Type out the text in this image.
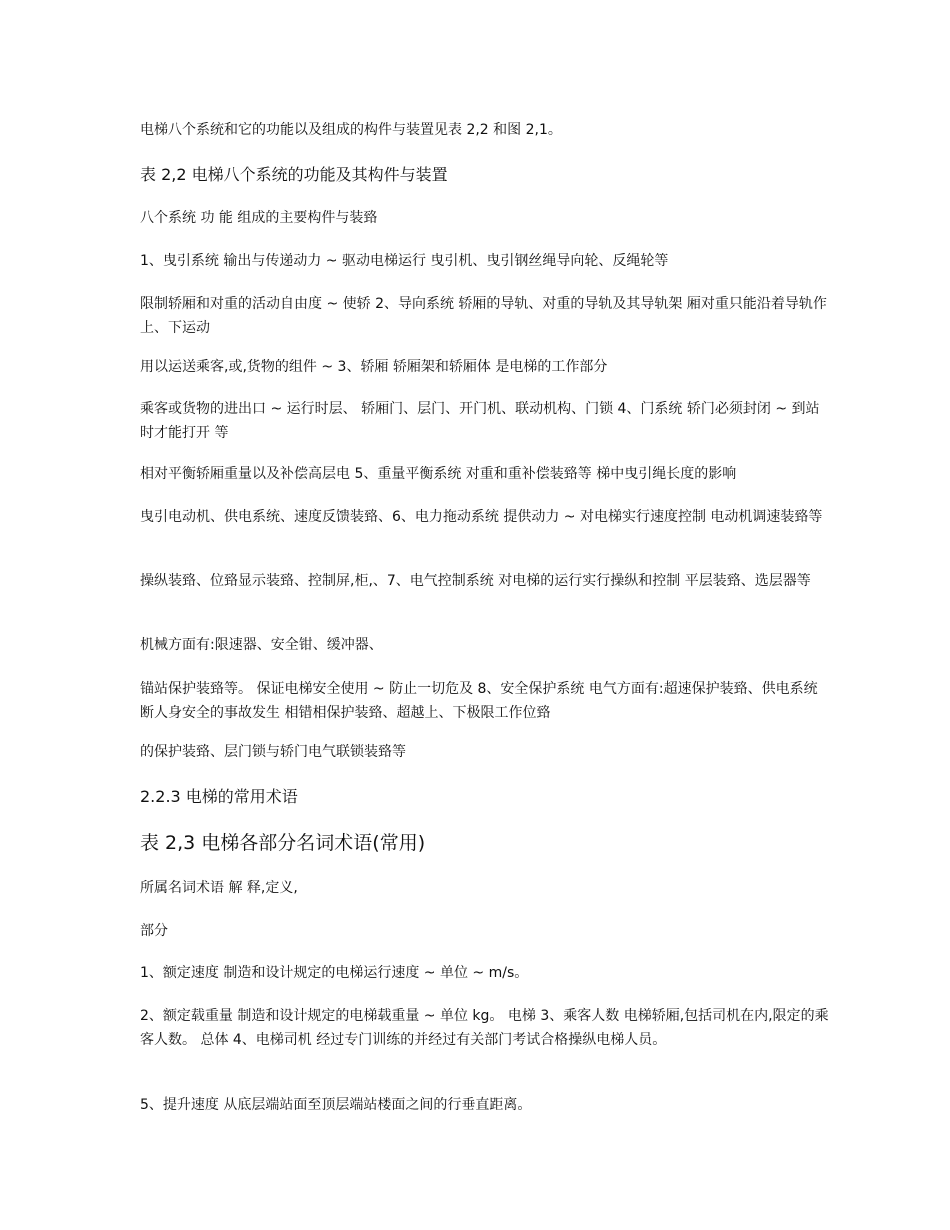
电梯八个系统和它的功能以及组成的构件与装置见表 2,2 和图 2,1。
表 2,2 电梯八个系统的功能及其构件与装置
八个系统 功 能 组成的主要构件与装臵
1、曳引系统 输出与传递动力 ~ 驱动电梯运行 曳引机、曳引钢丝绳导向轮、反绳轮等
限制轿厢和对重的活动自由度 ~ 使轿 2、导向系统 轿厢的导轨、对重的导轨及其导轨架 厢对重只能沿着导轨作上、下运动
用以运送乘客,或,货物的组件 ~ 3、轿厢 轿厢架和轿厢体 是电梯的工作部分
乘客或货物的进出口 ~ 运行时层、 轿厢门、层门、开门机、联动机构、门锁 4、门系统 轿门必须封闭 ~ 到站时才能打开 等
相对平衡轿厢重量以及补偿高层电 5、重量平衡系统 对重和重补偿装臵等 梯中曳引绳长度的影响
曳引电动机、供电系统、速度反馈装臵、6、电力拖动系统 提供动力 ~ 对电梯实行速度控制 电动机调速装臵等
操纵装臵、位臵显示装臵、控制屏,柜,、7、电气控制系统 对电梯的运行实行操纵和控制 平层装臵、选层器等
机械方面有:限速器、安全钳、缓冲器、
锚站保护装臵等。 保证电梯安全使用 ~ 防止一切危及 8、安全保护系统 电气方面有:超速保护装臵、供电系统断人身安全的事故发生 相错相保护装臵、超越上、下极限工作位臵
的保护装臵、层门锁与轿门电气联锁装臵等
2.2.3 电梯的常用术语
表 2,3 电梯各部分名词术语(常用)
所属名词术语 解 释,定义,
部分
1、额定速度 制造和设计规定的电梯运行速度 ~ 单位 ~ m/s。
2、额定载重量 制造和设计规定的电梯载重量 ~ 单位 kg。 电梯 3、乘客人数 电梯轿厢,包括司机在内,限定的乘客人数。 总体 4、电梯司机 经过专门训练的并经过有关部门考试合格操纵电梯人员。
5、提升速度 从底层端站面至顶层端站楼面之间的行垂直距离。
